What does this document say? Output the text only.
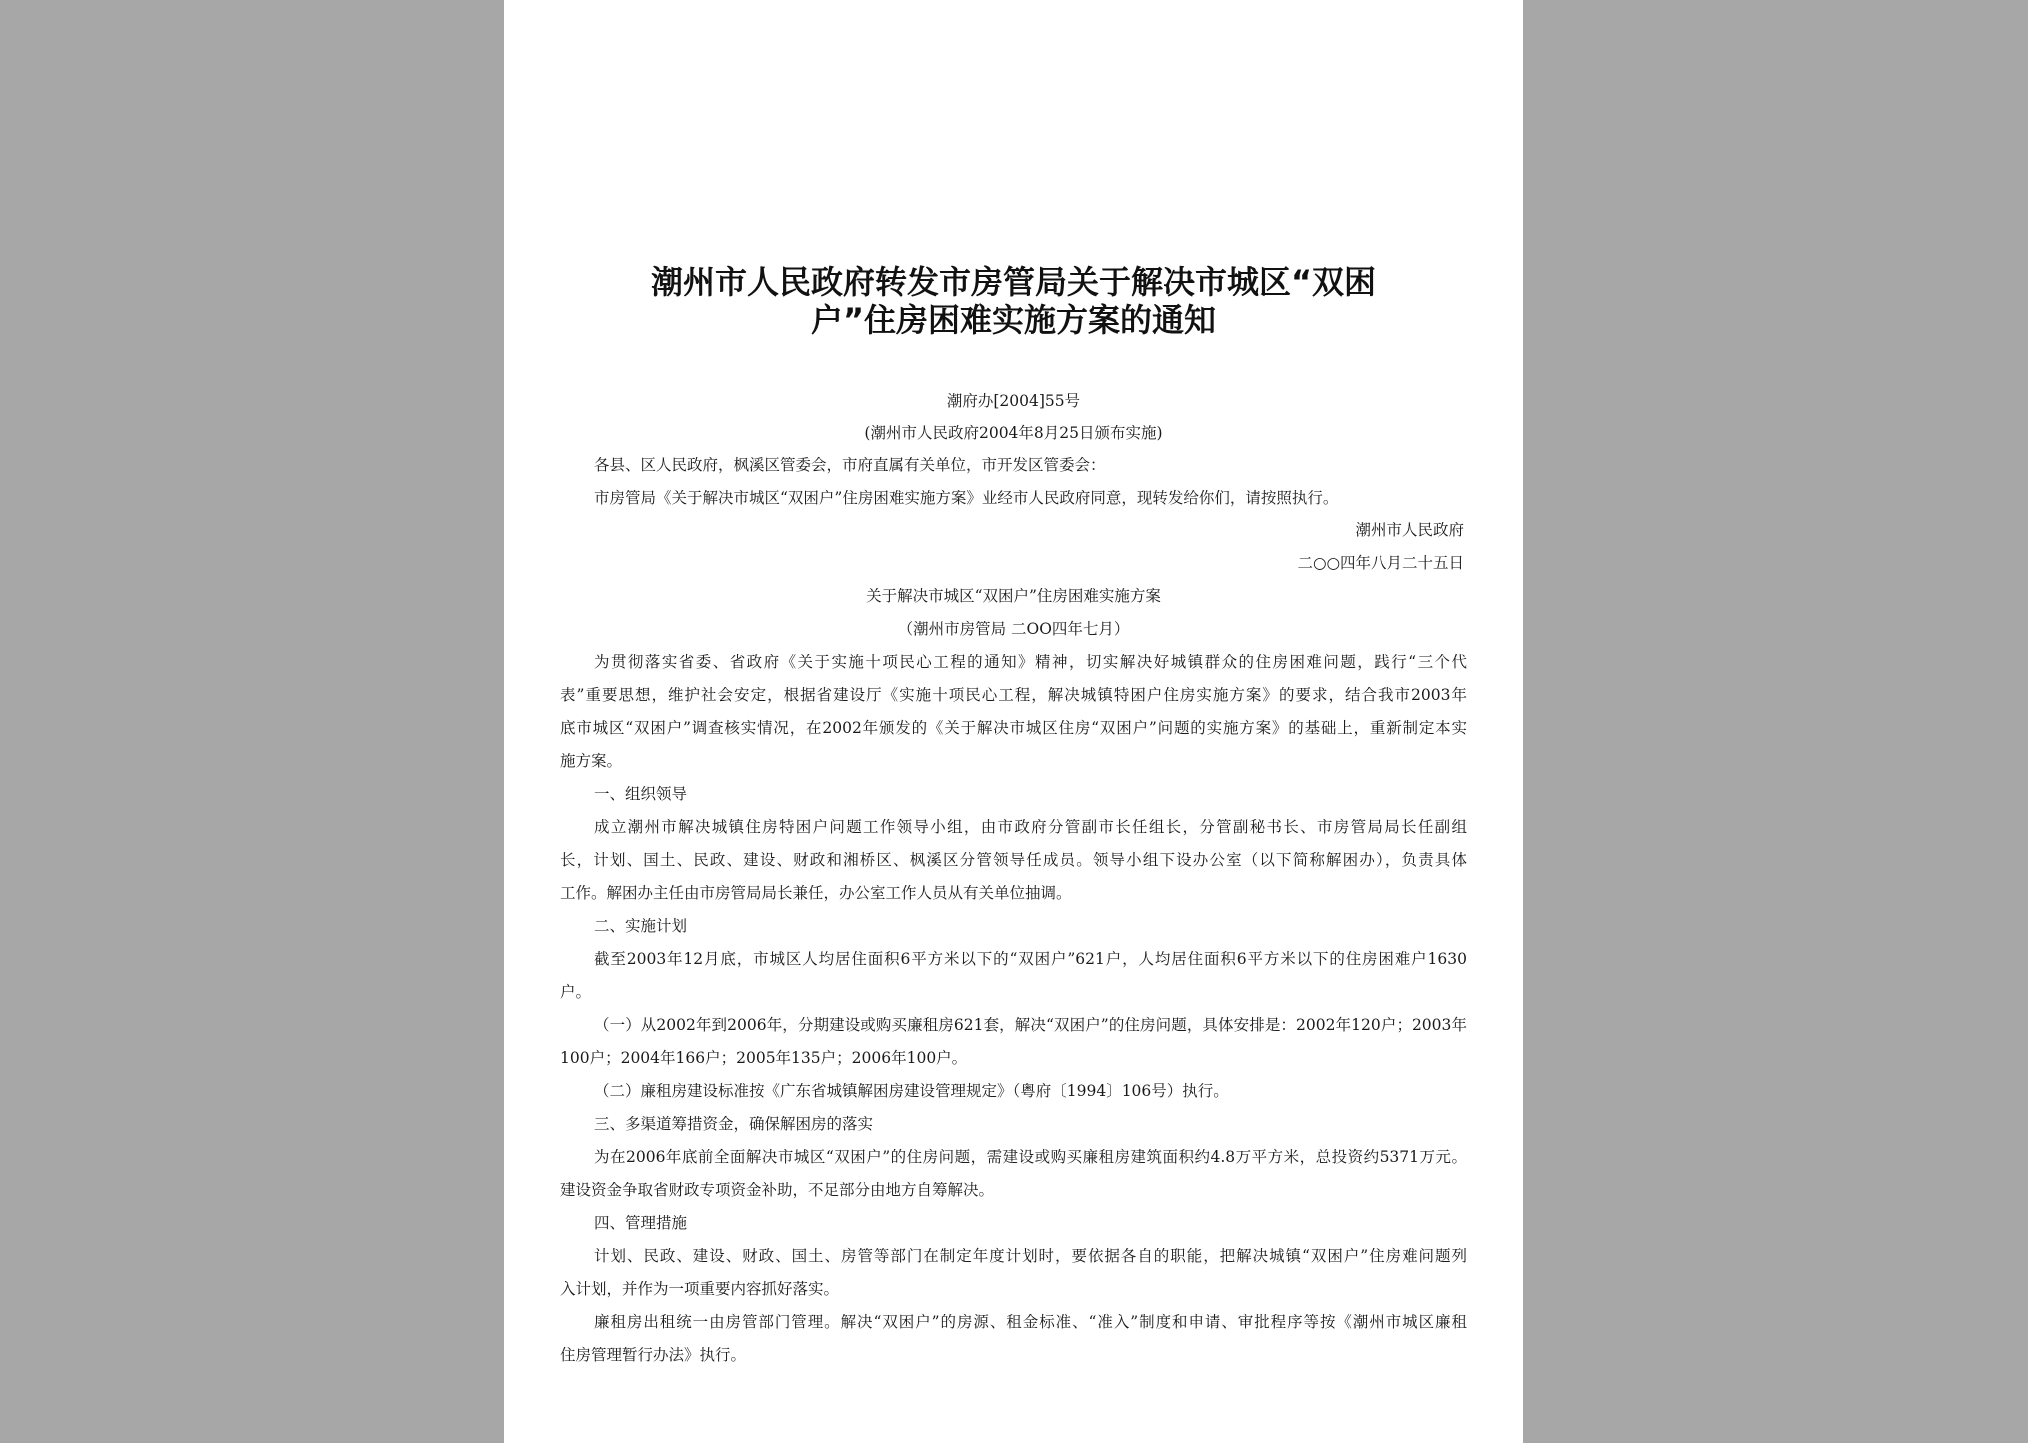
潮州市人民政府转发市房管局关于解决市城区“双困
户”住房困难实施方案的通知
潮府办[2004]55号
(潮州市人民政府2004年8月25日颁布实施)
各县、区人民政府，枫溪区管委会，市府直属有关单位，市开发区管委会：
市房管局《关于解决市城区“双困户”住房困难实施方案》业经市人民政府同意，现转发给你们，请按照执行。
潮州市人民政府
二○○四年八月二十五日
关于解决市城区“双困户”住房困难实施方案
（潮州市房管局 二OO四年七月）
为贯彻落实省委、省政府《关于实施十项民心工程的通知》精神，切实解决好城镇群众的住房困难问题，践行“三个代
表”重要思想，维护社会安定，根据省建设厅《实施十项民心工程，解决城镇特困户住房实施方案》的要求，结合我市2003年
底市城区“双困户”调查核实情况，在2002年颁发的《关于解决市城区住房“双困户”问题的实施方案》的基础上，重新制定本实
施方案。
一、组织领导
成立潮州市解决城镇住房特困户问题工作领导小组，由市政府分管副市长任组长，分管副秘书长、市房管局局长任副组
长，计划、国土、民政、建设、财政和湘桥区、枫溪区分管领导任成员。领导小组下设办公室（以下简称解困办），负责具体
工作。解困办主任由市房管局局长兼任，办公室工作人员从有关单位抽调。
二、实施计划
截至2003年12月底，市城区人均居住面积6平方米以下的“双困户”621户，人均居住面积6平方米以下的住房困难户1630
户。
（一）从2002年到2006年，分期建设或购买廉租房621套，解决“双困户”的住房问题，具体安排是：2002年120户；2003年
100户；2004年166户；2005年135户；2006年100户。
（二）廉租房建设标准按《广东省城镇解困房建设管理规定》（粤府〔1994〕106号）执行。
三、多渠道筹措资金，确保解困房的落实
为在2006年底前全面解决市城区“双困户”的住房问题，需建设或购买廉租房建筑面积约4.8万平方米，总投资约5371万元。
建设资金争取省财政专项资金补助，不足部分由地方自筹解决。
四、管理措施
计划、民政、建设、财政、国土、房管等部门在制定年度计划时，要依据各自的职能，把解决城镇“双困户”住房难问题列
入计划，并作为一项重要内容抓好落实。
廉租房出租统一由房管部门管理。解决“双困户”的房源、租金标准、“准入”制度和申请、审批程序等按《潮州市城区廉租
住房管理暂行办法》执行。
